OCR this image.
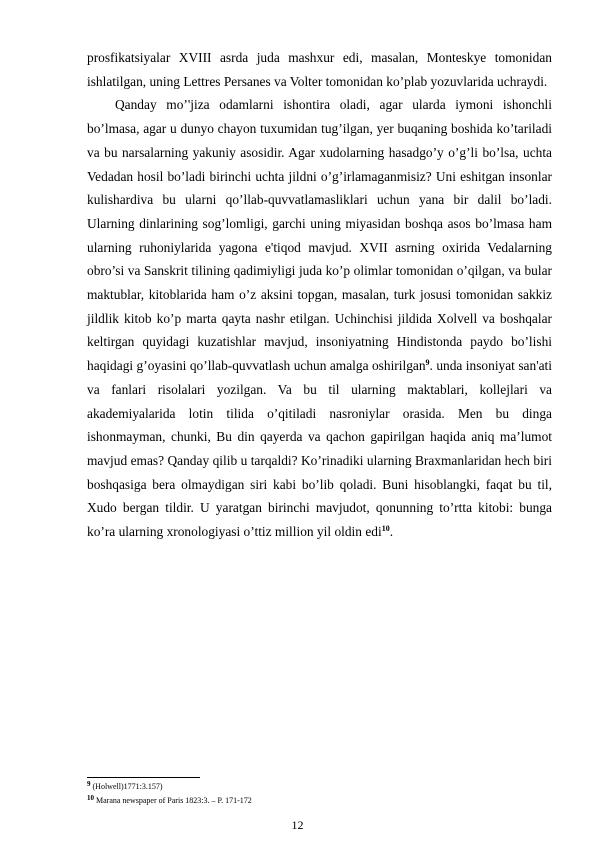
prosfikatsiyalar XVIII asrda juda mashxur edi, masalan, Monteskye tomonidan ishlatilgan, uning Lettres Persanes va Volter tomonidan ko’plab yozuvlarida uchraydi.

Qanday mo’'jiza odamlarni ishontira oladi, agar ularda iymoni ishonchli bo’lmasa, agar u dunyo chayon tuxumidan tug’ilgan, yer buqaning boshida ko’tariladi va bu narsalarning yakuniy asosidir. Agar xudolarning hasadgo’y o’g’li bo’lsa, uchta Vedadan hosil bo’ladi birinchi uchta jildni o’g’irlamaganmisiz? Uni eshitgan insonlar kulishardiva bu ularni qo’llab-quvvatlamasliklari uchun yana bir dalil bo’ladi. Ularning dinlarining sog’lomligi, garchi uning miyasidan boshqa asos bo’lmasa ham ularning ruhoniylarida yagona e'tiqod mavjud. XVII asrning oxirida Vedalarning obro’si va Sanskrit tilining qadimiyligi juda ko’p olimlar tomonidan o’qilgan, va bular maktublar, kitoblarida ham o’z aksini topgan, masalan, turk josusi tomonidan sakkiz jildlik kitob ko’p marta qayta nashr etilgan. Uchinchisi jildida Xolvell va boshqalar keltirgan quyidagi kuzatishlar mavjud, insoniyatning Hindistonda paydo bo’lishi haqidagi g’oyasini qo’llab-quvvatlash uchun amalga oshirilgan$^9$. unda insoniyat san'ati va fanlari risolalari yozilgan. Va bu til ularning maktablari, kollejlari va akademiyalarida lotin tilida o’qitiladi nasroniylar orasida. Men bu dinga ishonmayman, chunki, Bu din qayerda va qachon gapirilgan haqida aniq ma’lumot mavjud emas? Qanday qilib u tarqaldi? Ko’rinadiki ularning Braxmanlaridan hech biri boshqasiga bera olmaydigan siri kabi bo’lib qoladi. Buni hisoblangki, faqat bu til, Xudo bergan tildir. U yaratgan birinchi mavjudot, qonunning to’rtta kitobi: bunga ko’ra ularning xronologiyasi o’ttiz million yil oldin edi$^{10}$.

$^9$ (Holwell)1771:3.157)
$^{10}$ Marana newspaper of Paris 1823:3. – P. 171-172
12
